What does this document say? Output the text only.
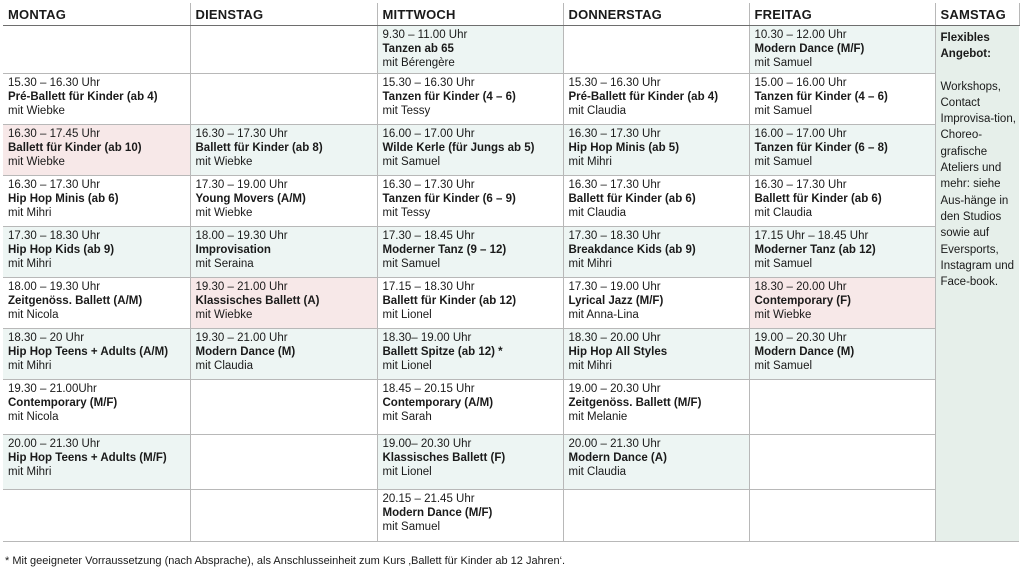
MONTAG	DIENSTAG	MITTWOCH	DONNERSTAG	FREITAG	SAMSTAG

		9.30 – 11.00 Uhr
Tanzen ab 65
mit Bérengère		10.30 – 12.00 Uhr
Modern Dance (M/F)
mit Samuel	Flexibles Angebot:
Workshops, Contact Improvisa-tion, Choreo-grafische Ateliers und mehr: siehe Aus-hänge in den Studios sowie auf Eversports, Instagram und Face-book.

15.30 – 16.30 Uhr
Pré-Ballett für Kinder (ab 4)
mit Wiebke		15.30 – 16.30 Uhr
Tanzen für Kinder (4 – 6)
mit Tessy	15.30 – 16.30 Uhr
Pré-Ballett für Kinder (ab 4)
mit Claudia	15.00 – 16.00 Uhr
Tanzen für Kinder (4 – 6)
mit Samuel	

16.30 – 17.45 Uhr
Ballett für Kinder (ab 10)
mit Wiebke	16.30 – 17.30 Uhr
Ballett für Kinder (ab 8)
mit Wiebke	16.00 – 17.00 Uhr
Wilde Kerle (für Jungs ab 5)
mit Samuel	16.30 – 17.30 Uhr
Hip Hop Minis (ab 5)
mit Mihri	16.00 – 17.00 Uhr
Tanzen für Kinder (6 – 8)
mit Samuel	

16.30 – 17.30 Uhr
Hip Hop Minis (ab 6)
mit Mihri	17.30 – 19.00 Uhr
Young Movers (A/M)
mit Wiebke	16.30 – 17.30 Uhr
Tanzen für Kinder (6 – 9)
mit Tessy	16.30 – 17.30 Uhr
Ballett für Kinder (ab 6)
mit Claudia	16.30 – 17.30 Uhr
Ballett für Kinder (ab 6)
mit Claudia	

17.30 – 18.30 Uhr
Hip Hop Kids (ab 9)
mit Mihri	18.00 – 19.30 Uhr
Improvisation
mit Seraina	17.30 – 18.45 Uhr
Moderner Tanz (9 – 12)
mit Samuel	17.30 – 18.30 Uhr
Breakdance Kids (ab 9)
mit Mihri	17.15 Uhr – 18.45 Uhr
Moderner Tanz (ab 12)
mit Samuel	

18.00 – 19.30 Uhr
Zeitgenöss. Ballett (A/M)
mit Nicola	19.30 – 21.00 Uhr
Klassisches Ballett (A)
mit Wiebke	17.15 – 18.30 Uhr
Ballett für Kinder (ab 12)
mit Lionel	17.30 – 19.00 Uhr
Lyrical Jazz (M/F)
mit Anna-Lina	18.30 – 20.00 Uhr
Contemporary (F)
mit Wiebke	

18.30 – 20 Uhr
Hip Hop Teens + Adults (A/M)
mit Mihri	19.30 – 21.00 Uhr
Modern Dance (M)
mit Claudia	18.30– 19.00 Uhr
Ballett Spitze (ab 12) *
mit Lionel	18.30 – 20.00 Uhr
Hip Hop All Styles
mit Mihri	19.00 – 20.30 Uhr
Modern Dance (M)
mit Samuel	

19.30 – 21.00Uhr
Contemporary (M/F)
mit Nicola		18.45 – 20.15 Uhr
Contemporary (A/M)
mit Sarah	19.00 – 20.30 Uhr
Zeitgenöss. Ballett (M/F)
mit Melanie		

20.00 – 21.30 Uhr
Hip Hop Teens + Adults (M/F)
mit Mihri		19.00– 20.30 Uhr
Klassisches Ballett (F)
mit Lionel	20.00 – 21.30 Uhr
Modern Dance (A)
mit Claudia		

		20.15 – 21.45 Uhr
Modern Dance (M/F)
mit Samuel			

* Mit geeigneter Vorraussetzung (nach Absprache), als Anschlusseinheit zum Kurs ‚Ballett für Kinder ab 12 Jahren‘.
